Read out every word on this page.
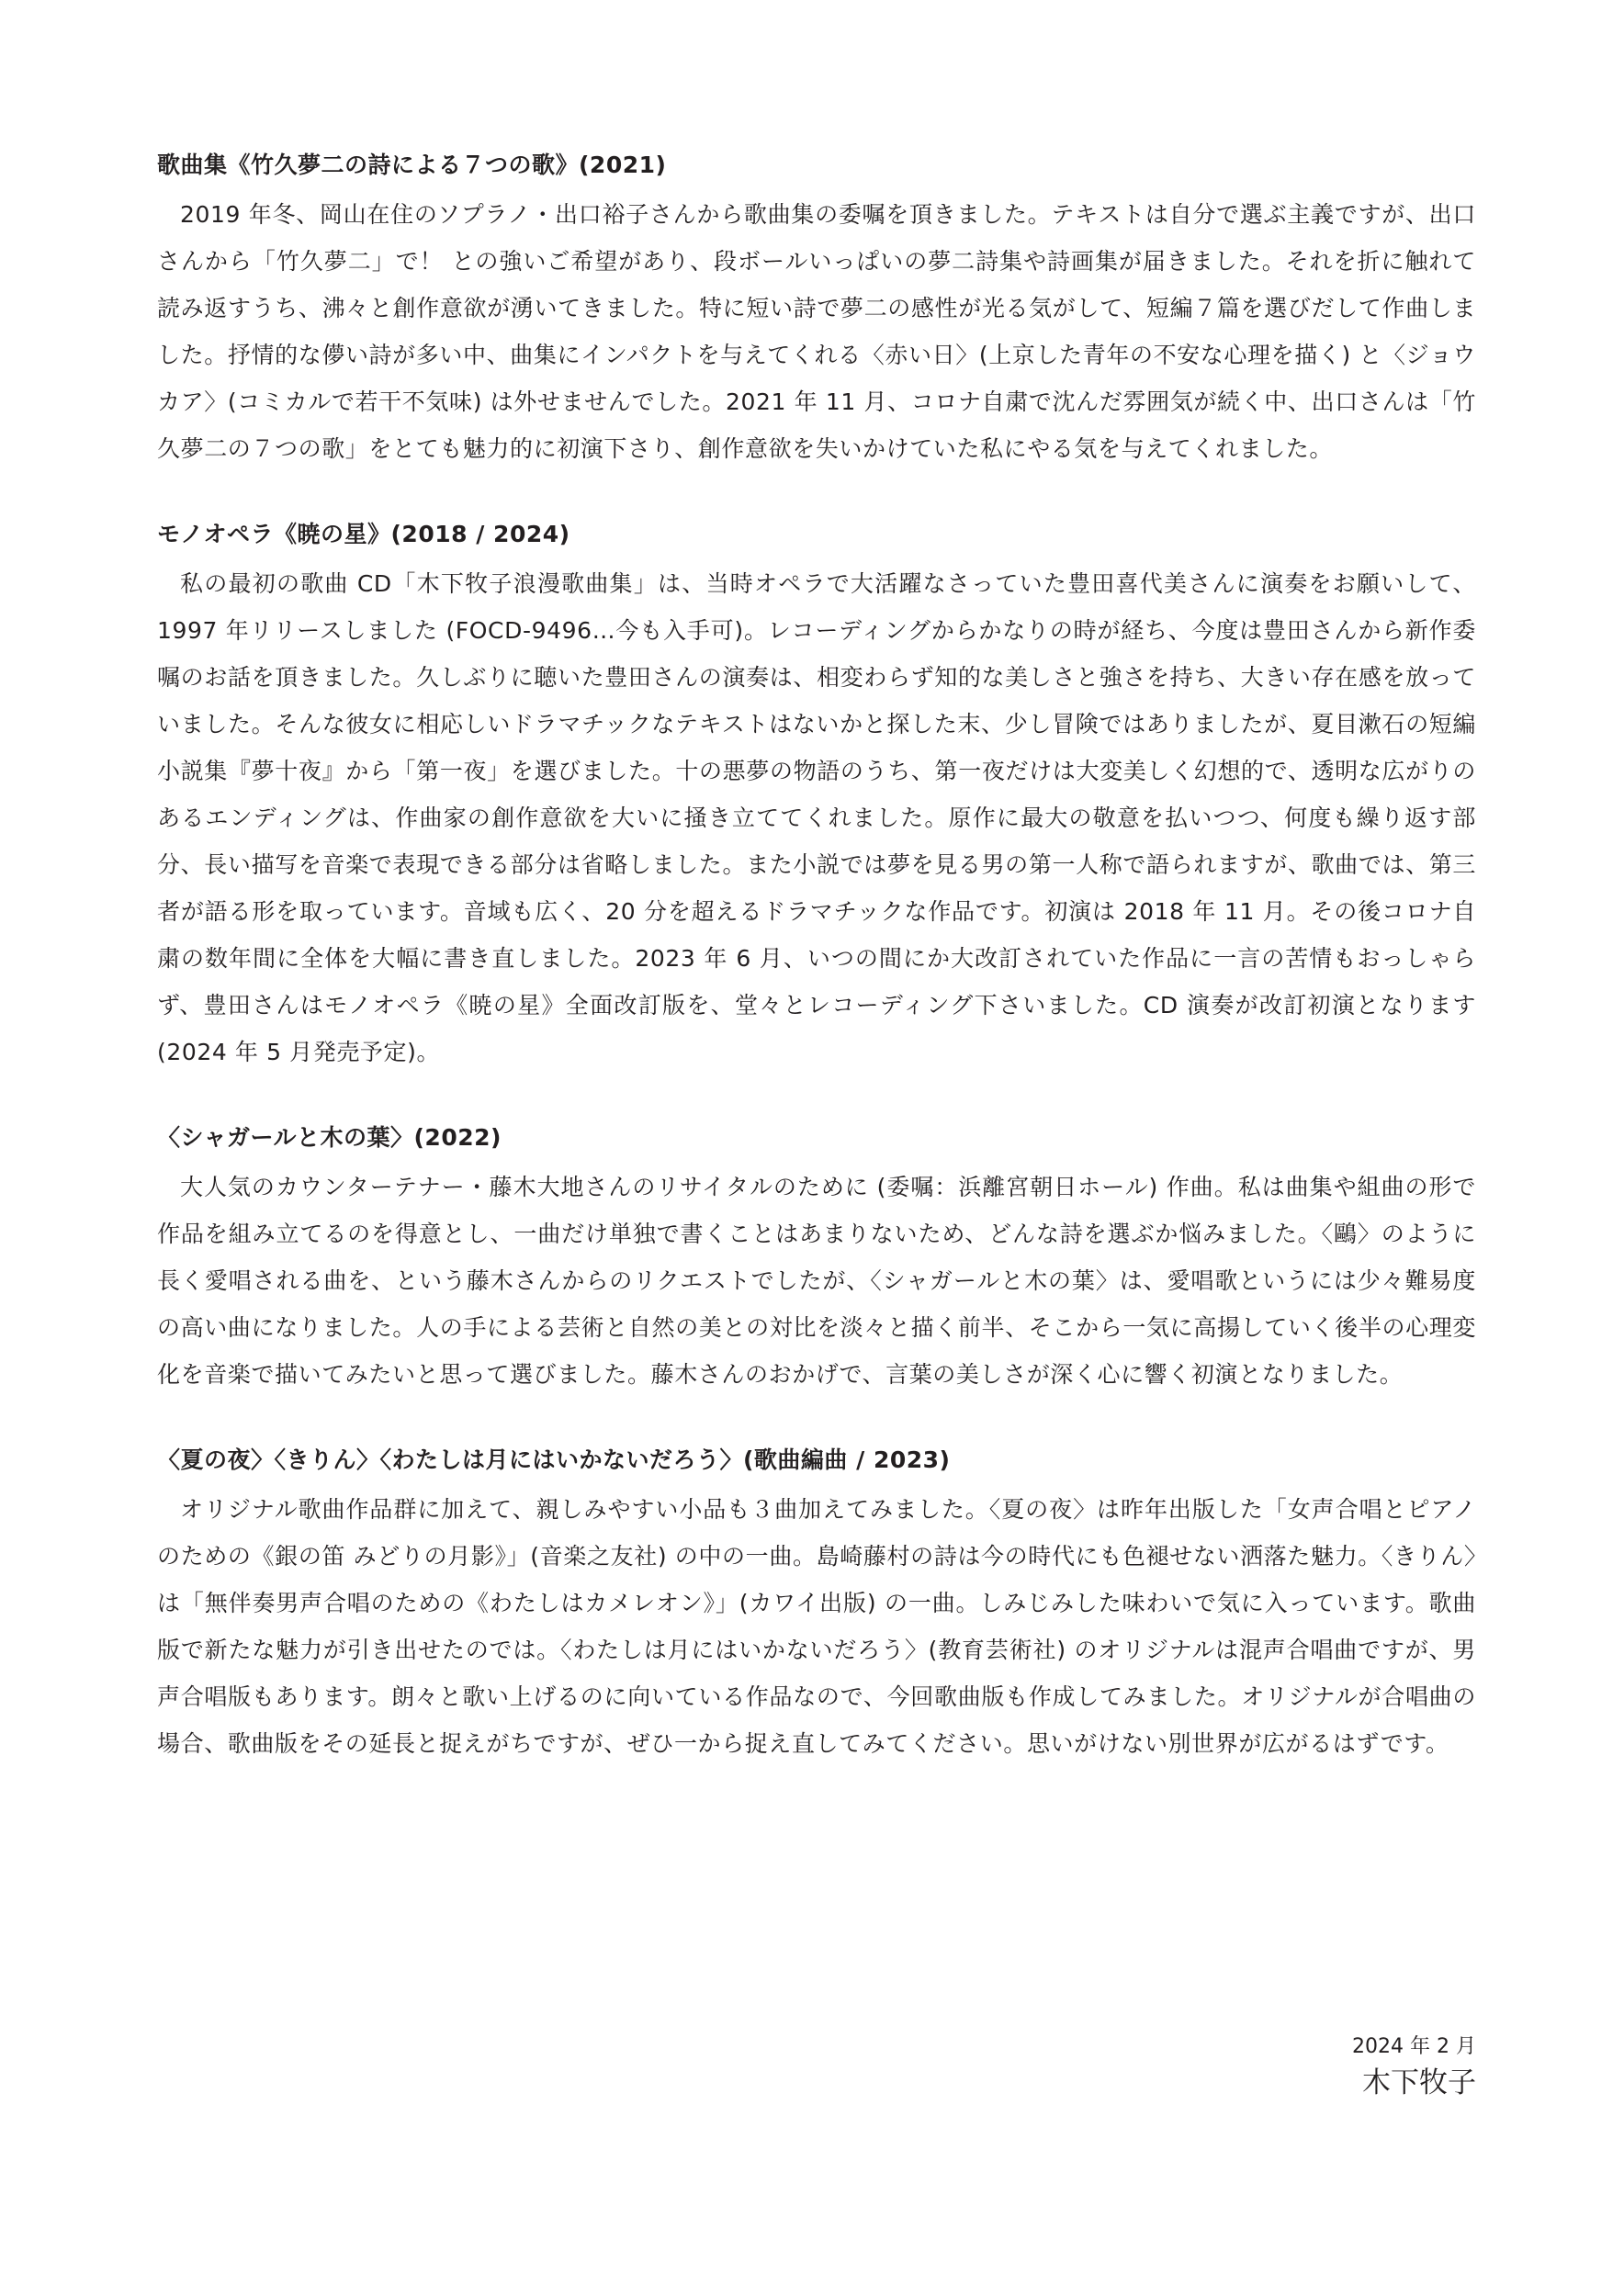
歌曲集《竹久夢二の詩による７つの歌》(2021)

2019 年冬、岡山在住のソプラノ・出口裕子さんから歌曲集の委嘱を頂きました。テキストは自分で選ぶ主義ですが、出口さんから「竹久夢二」で！ との強いご希望があり、段ボールいっぱいの夢二詩集や詩画集が届きました。それを折に触れて読み返すうち、沸々と創作意欲が湧いてきました。特に短い詩で夢二の感性が光る気がして、短編７篇を選びだして作曲しました。抒情的な儚い詩が多い中、曲集にインパクトを与えてくれる〈赤い日〉(上京した青年の不安な心理を描く) と〈ジョウカア〉(コミカルで若干不気味) は外せませんでした。2021 年 11 月、コロナ自粛で沈んだ雰囲気が続く中、出口さんは「竹久夢二の７つの歌」をとても魅力的に初演下さり、創作意欲を失いかけていた私にやる気を与えてくれました。

モノオペラ《暁の星》(2018 / 2024)

私の最初の歌曲 CD「木下牧子浪漫歌曲集」は、当時オペラで大活躍なさっていた豊田喜代美さんに演奏をお願いして、1997 年リリースしました (FOCD-9496…今も入手可)。レコーディングからかなりの時が経ち、今度は豊田さんから新作委嘱のお話を頂きました。久しぶりに聴いた豊田さんの演奏は、相変わらず知的な美しさと強さを持ち、大きい存在感を放っていました。そんな彼女に相応しいドラマチックなテキストはないかと探した末、少し冒険ではありましたが、夏目漱石の短編小説集『夢十夜』から「第一夜」を選びました。十の悪夢の物語のうち、第一夜だけは大変美しく幻想的で、透明な広がりのあるエンディングは、作曲家の創作意欲を大いに掻き立ててくれました。原作に最大の敬意を払いつつ、何度も繰り返す部分、長い描写を音楽で表現できる部分は省略しました。また小説では夢を見る男の第一人称で語られますが、歌曲では、第三者が語る形を取っています。音域も広く、20 分を超えるドラマチックな作品です。初演は 2018 年 11 月。その後コロナ自粛の数年間に全体を大幅に書き直しました。2023 年 6 月、いつの間にか大改訂されていた作品に一言の苦情もおっしゃらず、豊田さんはモノオペラ《暁の星》全面改訂版を、堂々とレコーディング下さいました。CD 演奏が改訂初演となります (2024 年 5 月発売予定)。

〈シャガールと木の葉〉(2022)

大人気のカウンターテナー・藤木大地さんのリサイタルのために (委嘱：浜離宮朝日ホール) 作曲。私は曲集や組曲の形で作品を組み立てるのを得意とし、一曲だけ単独で書くことはあまりないため、どんな詩を選ぶか悩みました。〈鷗〉のように長く愛唱される曲を、という藤木さんからのリクエストでしたが、〈シャガールと木の葉〉は、愛唱歌というには少々難易度の高い曲になりました。人の手による芸術と自然の美との対比を淡々と描く前半、そこから一気に高揚していく後半の心理変化を音楽で描いてみたいと思って選びました。藤木さんのおかげで、言葉の美しさが深く心に響く初演となりました。

〈夏の夜〉〈きりん〉〈わたしは月にはいかないだろう〉(歌曲編曲 / 2023)

オリジナル歌曲作品群に加えて、親しみやすい小品も３曲加えてみました。〈夏の夜〉は昨年出版した「女声合唱とピアノのための《銀の笛 みどりの月影》」(音楽之友社) の中の一曲。島崎藤村の詩は今の時代にも色褪せない洒落た魅力。〈きりん〉は「無伴奏男声合唱のための《わたしはカメレオン》」(カワイ出版) の一曲。しみじみした味わいで気に入っています。歌曲版で新たな魅力が引き出せたのでは。〈わたしは月にはいかないだろう〉(教育芸術社) のオリジナルは混声合唱曲ですが、男声合唱版もあります。朗々と歌い上げるのに向いている作品なので、今回歌曲版も作成してみました。オリジナルが合唱曲の場合、歌曲版をその延長と捉えがちですが、ぜひ一から捉え直してみてください。思いがけない別世界が広がるはずです。

2024 年 2 月
木下牧子
